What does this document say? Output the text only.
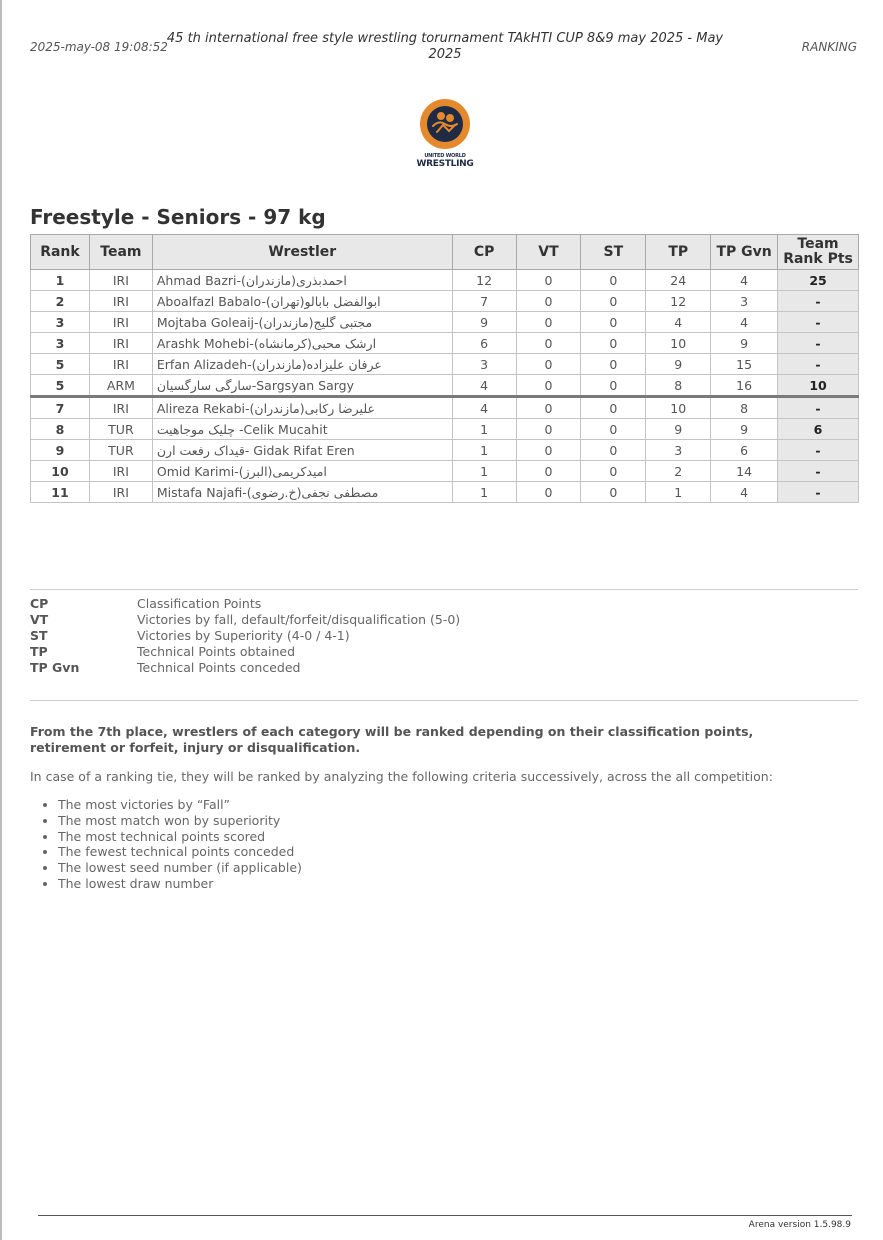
2025-may-08 19:08:52
45 th international free style wrestling torurnament TAkHTI CUP 8&9 may 2025 - May 2025	RANKING
UNITED WORLD
WRESTLING
Freestyle - Seniors - 97 kg
Rank	Team	Wrestler	CP	VT	ST	TP	TP Gvn	Team Rank Pts
1	IRI	Ahmad Bazri-احمدبذری(مازندران)	12	0	0	24	4	25
2	IRI	Aboalfazl Babalo-ابوالفضل بابالو(تهران)	7	0	0	12	3	-
3	IRI	Mojtaba Goleaij-مجتبی گلیج(مازندران)	9	0	0	4	4	-
3	IRI	Arashk Mohebi-ارشک محبی(کرمانشاه)	6	0	0	10	9	-
5	IRI	Erfan Alizadeh-عرفان علیزاده(مازندران)	3	0	0	9	15	-
5	ARM	سارگی سارگسیان-Sargsyan Sargy	4	0	0	8	16	10
7	IRI	Alireza Rekabi-علیرضا رکابی(مازندران)	4	0	0	10	8	-
8	TUR	چلیک موجاهیت -Celik Mucahit	1	0	0	9	9	6
9	TUR	قیداک رفعت ارن- Gidak Rifat Eren	1	0	0	3	6	-
10	IRI	Omid Karimi-امیدکریمی(البرز)	1	0	0	2	14	-
11	IRI	Mistafa Najafi-مصطفی نجفی(خ.رضوی)	1	0	0	1	4	-
CP	Classification Points
VT	Victories by fall, default/forfeit/disqualification (5-0)
ST	Victories by Superiority (4-0 / 4-1)
TP	Technical Points obtained
TP Gvn	Technical Points conceded

From the 7th place, wrestlers of each category will be ranked depending on their classification points, retirement or forfeit, injury or disqualification.

In case of a ranking tie, they will be ranked by analyzing the following criteria successively, across the all competition:

• The most victories by “Fall”
• The most match won by superiority
• The most technical points scored
• The fewest technical points conceded
• The lowest seed number (if applicable)
• The lowest draw number
Arena version 1.5.98.9
